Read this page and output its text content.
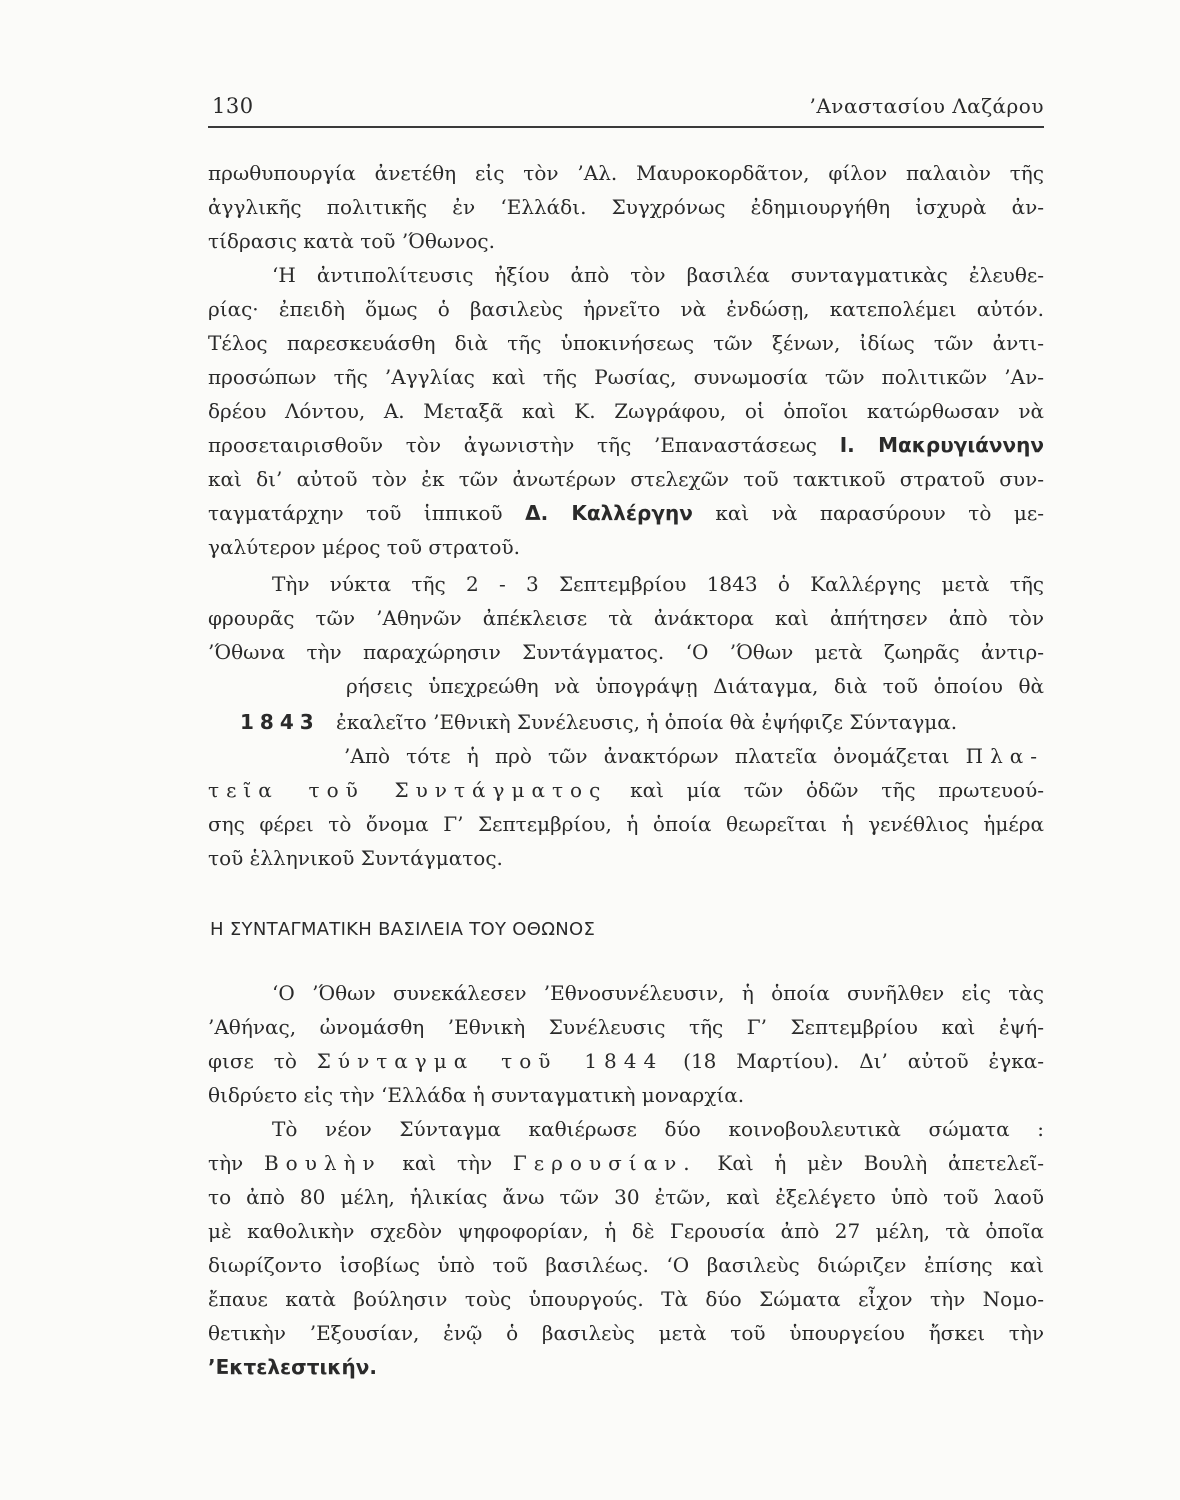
130	’Αναστασίου Λαζάρου
πρωθυπουργία ἀνετέθη εἰς τὸν ’Αλ. Μαυροκορδᾶτον, φίλον παλαιὸν τῆς
ἀγγλικῆς πολιτικῆς ἐν ‘Ελλάδι. Συγχρόνως ἐδημιουργήθη ἰσχυρὰ ἀν-
τίδρασις κατὰ τοῦ ’Όθωνος.
‘Η ἀντιπολίτευσις ἠξίου ἀπὸ τὸν βασιλέα συνταγματικὰς ἐλευθε-
ρίας· ἐπειδὴ ὅμως ὁ βασιλεὺς ἠρνεῖτο νὰ ἐνδώσῃ, κατεπολέμει αὐτόν.
Τέλος παρεσκευάσθη διὰ τῆς ὑποκινήσεως τῶν ξένων, ἰδίως τῶν ἀντι-
προσώπων τῆς ’Αγγλίας καὶ τῆς Ρωσίας, συνωμοσία τῶν πολιτικῶν ’Αν-
δρέου Λόντου, Α. Μεταξᾶ καὶ Κ. Ζωγράφου, οἱ ὁποῖοι κατώρθωσαν νὰ
προσεταιρισθοῦν τὸν ἀγωνιστὴν τῆς ’Επαναστάσεως Ι. Μακρυγιάννην
καὶ δι’ αὐτοῦ τὸν ἐκ τῶν ἀνωτέρων στελεχῶν τοῦ τακτικοῦ στρατοῦ συν-
ταγματάρχην τοῦ ἱππικοῦ Δ. Καλλέργην καὶ νὰ παρασύρουν τὸ με-
γαλύτερον μέρος τοῦ στρατοῦ.
Τὴν νύκτα τῆς 2 - 3 Σεπτεμβρίου 1843 ὁ Καλλέργης μετὰ τῆς
φρουρᾶς τῶν ’Αθηνῶν ἀπέκλεισε τὰ ἀνάκτορα καὶ ἀπήτησεν ἀπὸ τὸν
’Όθωνα τὴν παραχώρησιν Συντάγματος. ‘Ο ’Όθων μετὰ ζωηρᾶς ἀντιρ-
ρήσεις ὑπεχρεώθη νὰ ὑπογράψῃ Διάταγμα, διὰ τοῦ ὁποίου θὰ
1843 ἐκαλεῖτο ’Εθνικὴ Συνέλευσις, ἡ ὁποία θὰ ἐψήφιζε Σύνταγμα.
’Απὸ τότε ἡ πρὸ τῶν ἀνακτόρων πλατεῖα ὀνομάζεται Πλα-
τεῖα τοῦ Συντάγματος καὶ μία τῶν ὁδῶν τῆς πρωτευού-
σης φέρει τὸ ὄνομα Γ’ Σεπτεμβρίου, ἡ ὁποία θεωρεῖται ἡ γενέθλιος ἡμέρα
τοῦ ἑλληνικοῦ Συντάγματος.
Η ΣΥΝΤΑΓΜΑΤΙΚΗ ΒΑΣΙΛΕΙΑ ΤΟΥ ΟΘΩΝΟΣ
‘Ο ’Όθων συνεκάλεσεν ’Εθνοσυνέλευσιν, ἡ ὁποία συνῆλθεν εἰς τὰς
’Αθήνας, ὠνομάσθη ’Εθνικὴ Συνέλευσις τῆς Γ’ Σεπτεμβρίου καὶ ἐψή-
φισε τὸ Σύνταγμα τοῦ 1844 (18 Μαρτίου). Δι’ αὐτοῦ ἐγκα-
θιδρύετο εἰς τὴν ‘Ελλάδα ἡ συνταγματικὴ μοναρχία.
Τὸ νέον Σύνταγμα καθιέρωσε δύο κοινοβουλευτικὰ σώματα :
τὴν Βουλὴν καὶ τὴν Γερουσίαν. Καὶ ἡ μὲν Βουλὴ ἀπετελεῖ-
το ἀπὸ 80 μέλη, ἡλικίας ἄνω τῶν 30 ἐτῶν, καὶ ἐξελέγετο ὑπὸ τοῦ λαοῦ
μὲ καθολικὴν σχεδὸν ψηφοφορίαν, ἡ δὲ Γερουσία ἀπὸ 27 μέλη, τὰ ὁποῖα
διωρίζοντο ἰσοβίως ὑπὸ τοῦ βασιλέως. ‘Ο βασιλεὺς διώριζεν ἐπίσης καὶ
ἔπαυε κατὰ βούλησιν τοὺς ὑπουργούς. Τὰ δύο Σώματα εἶχον τὴν Νομο-
θετικὴν ’Εξουσίαν, ἐνῷ ὁ βασιλεὺς μετὰ τοῦ ὑπουργείου ἤσκει τὴν
’Εκτελεστικήν.
